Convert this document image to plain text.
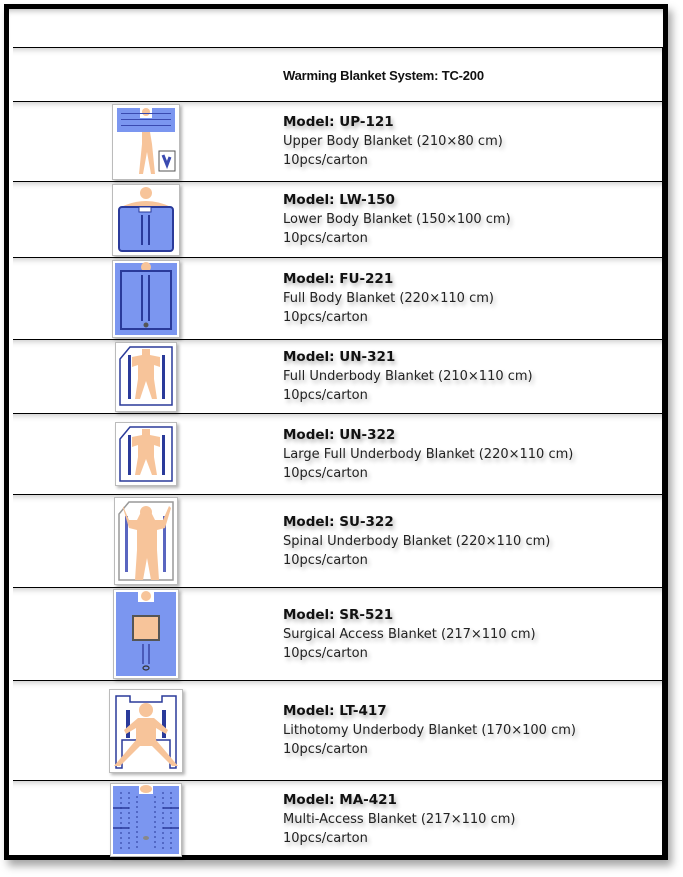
	Warming Blanket System: TC-200

Model: UP-121
Upper Body Blanket (210×80 cm)
10pcs/carton

Model: LW-150
Lower Body Blanket (150×100 cm)
10pcs/carton

Model: FU-221
Full Body Blanket (220×110 cm)
10pcs/carton

Model: UN-321
Full Underbody Blanket (210×110 cm)
10pcs/carton

Model: UN-322
Large Full Underbody Blanket (220×110 cm)
10pcs/carton

Model: SU-322
Spinal Underbody Blanket (220×110 cm)
10pcs/carton

Model: SR-521
Surgical Access Blanket (217×110 cm)
10pcs/carton

Model: LT-417
Lithotomy Underbody Blanket (170×100 cm)
10pcs/carton

Model: MA-421
Multi-Access Blanket (217×110 cm)
10pcs/carton
